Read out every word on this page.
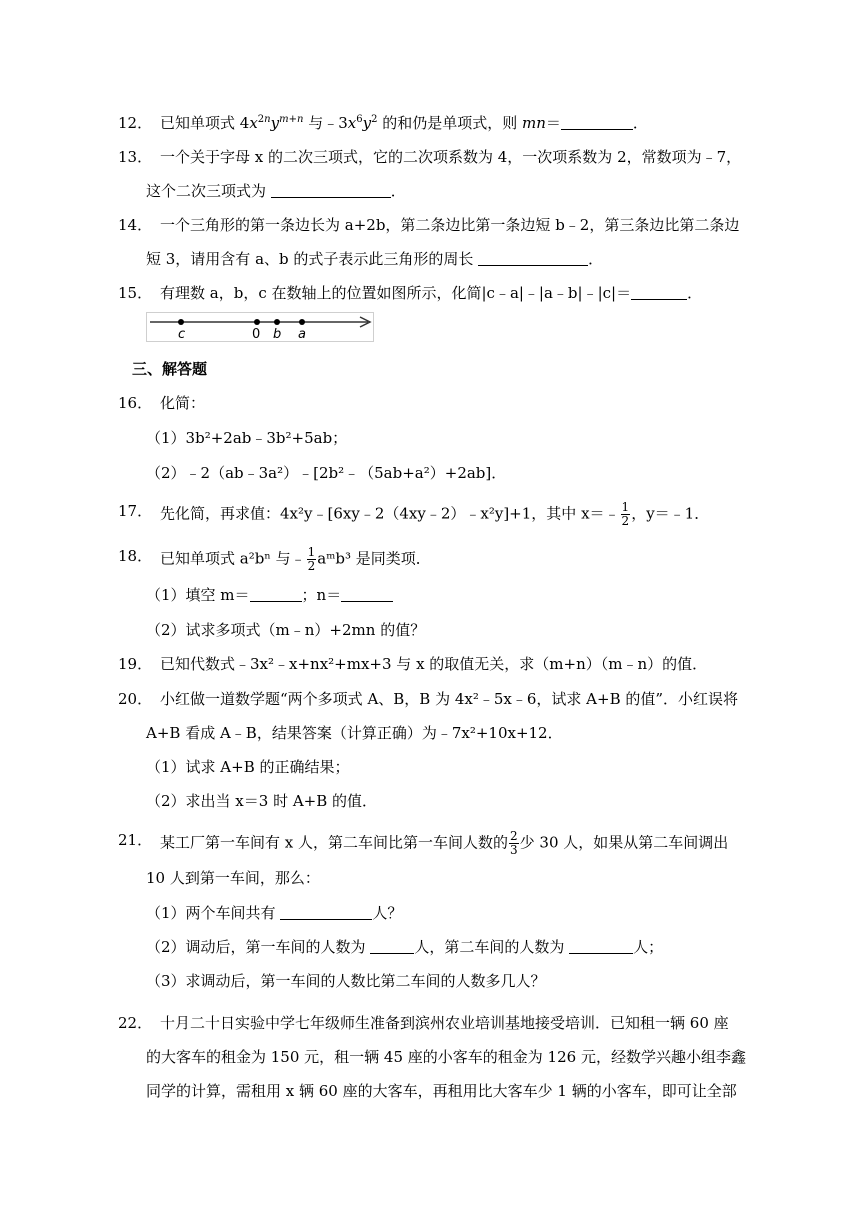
12． 已知单项式 $4x^{2n}y^{m+n}$ 与$﹣3x^6y^2$ 的和仍是单项式，则 mn＝	．
13． 一个关于字母 x 的二次三项式，它的二次项系数为 4，一次项系数为 2，常数项为﹣7，
这个二次三项式为	．
14． 一个三角形的第一条边长为 a+2b，第二条边比第一条边短 b﹣2，第三条边比第二条边
短 3，请用含有 a、b 的式子表示此三角形的周长	．
15． 有理数 a，b，c 在数轴上的位置如图所示，化简|c﹣a|﹣|a﹣b|﹣|c|＝	．
c	0 b a
三、解答题
16． 化简：
（1）3b²+2ab﹣3b²+5ab；
（2）﹣2（ab﹣3a²）﹣[2b²﹣（5ab+a²）+2ab]．
17． 先化简，再求值：4x²y﹣[6xy﹣2（4xy﹣2）﹣x²y]+1，其中 x＝﹣ $\frac{1}{2}$ ，y＝﹣1．
18． 已知单项式 a²bⁿ 与﹣ $\frac{1}{2}$ aᵐb³ 是同类项．
（1）填空 m＝	；n＝
（2）试求多项式（m﹣n）+2mn 的值？
19． 已知代数式﹣3x²﹣x+nx²+mx+3 与 x 的取值无关，求（m+n）（m﹣n）的值．
20． 小红做一道数学题“两个多项式 A、B，B 为 4x²﹣5x﹣6，试求 A+B 的值”．小红误将
A+B 看成 A﹣B，结果答案（计算正确）为﹣7x²+10x+12．
（1）试求 A+B 的正确结果；
（2）求出当 x＝3 时 A+B 的值．
21． 某工厂第一车间有 x 人，第二车间比第一车间人数的 $\frac{2}{3}$ 少 30 人，如果从第二车间调出
10 人到第一车间，那么：
（1）两个车间共有	人？
（2）调动后，第一车间的人数为	人，第二车间的人数为	人；
（3）求调动后，第一车间的人数比第二车间的人数多几人？
22． 十月二十日实验中学七年级师生准备到滨州农业培训基地接受培训．已知租一辆 60 座
的大客车的租金为 150 元，租一辆 45 座的小客车的租金为 126 元，经数学兴趣小组李鑫
同学的计算，需租用 x 辆 60 座的大客车，再租用比大客车少 1 辆的小客车，即可让全部
